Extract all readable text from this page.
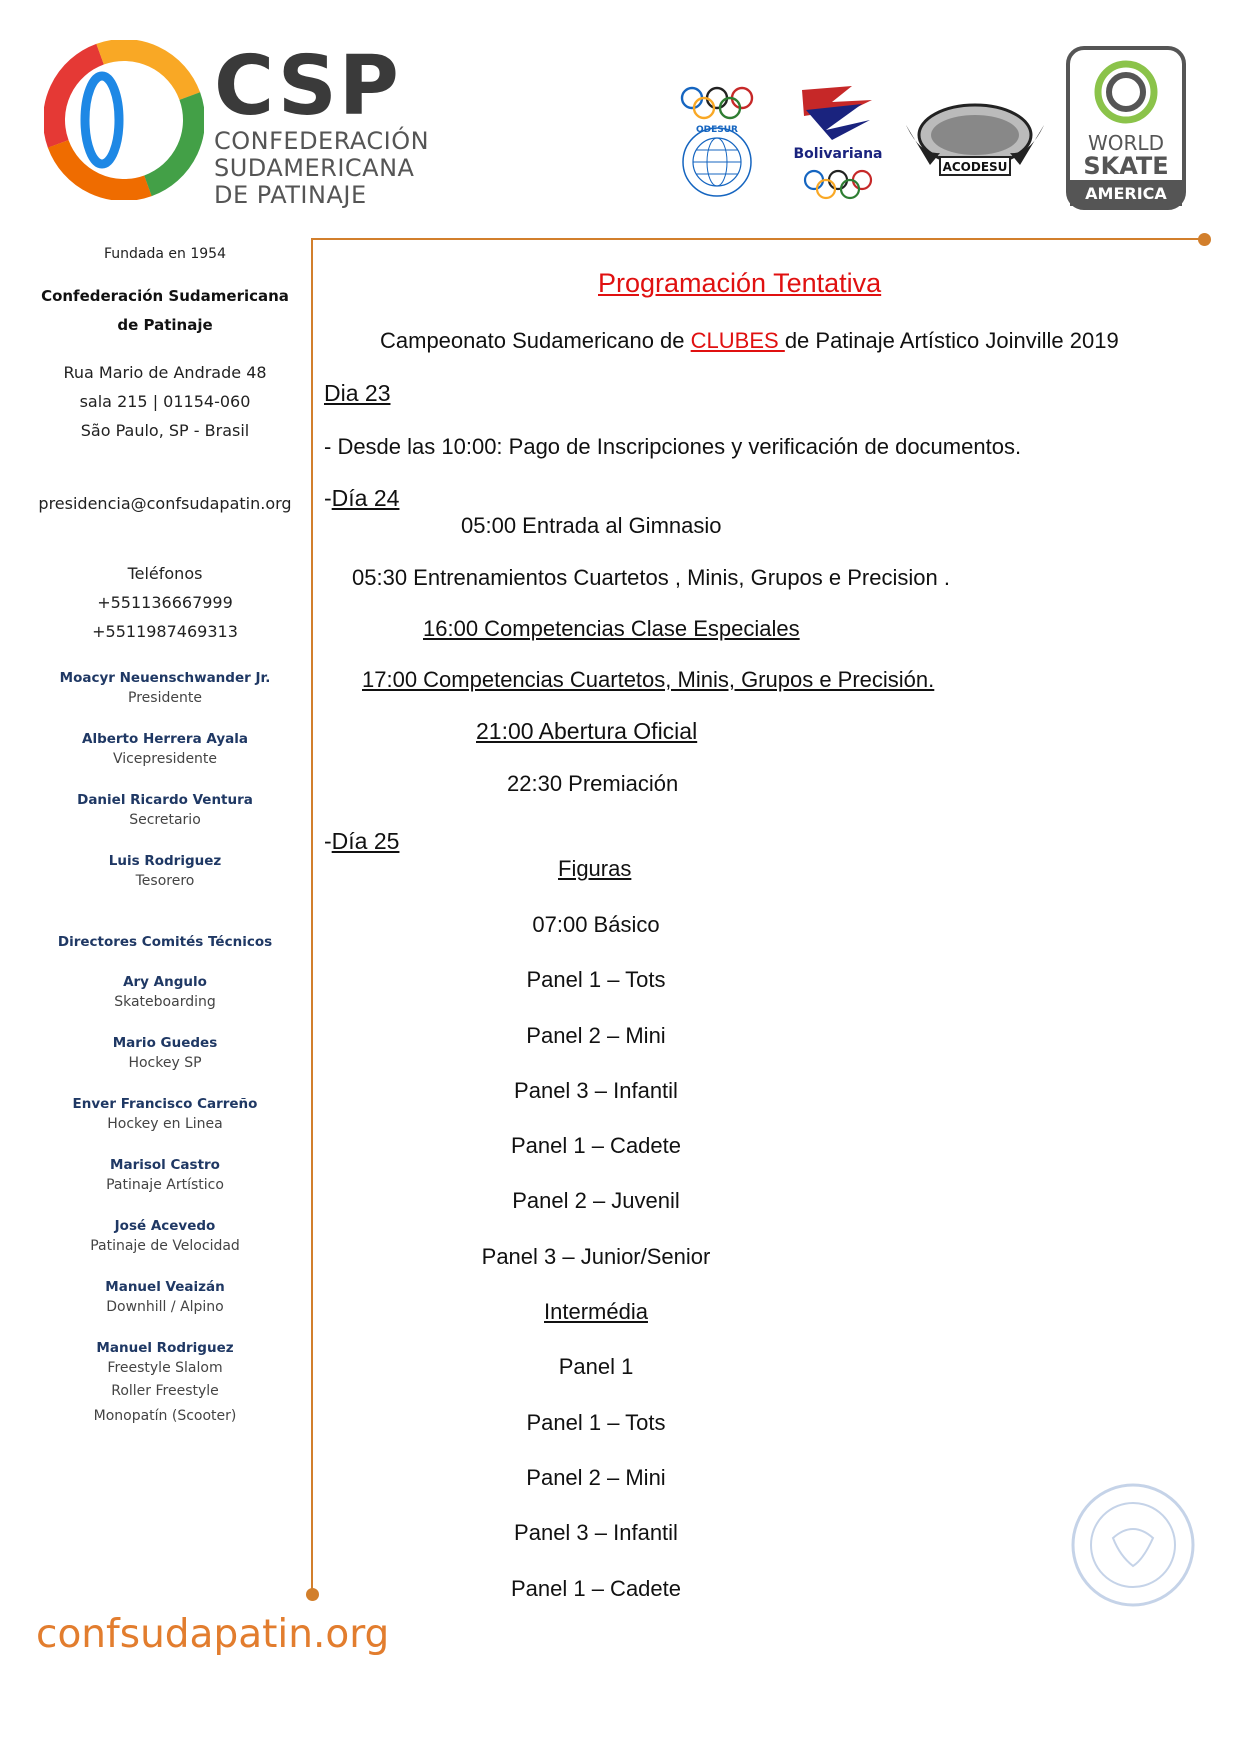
CSP
CONFEDERACIÓN
SUDAMERICANA
DE PATINAJE
ODESUR
Bolivariana
ACODESU
WORLD
SKATE
AMERICA
Fundada en 1954
Confederación Sudamericana
de Patinaje
Rua Mario de Andrade 48
sala 215 | 01154-060
São Paulo, SP - Brasil
presidencia@confsudapatin.org
Teléfonos
+551136667999
+5511987469313
Moacyr Neuenschwander Jr.
Presidente
Alberto Herrera Ayala
Vicepresidente
Daniel Ricardo Ventura
Secretario
Luis Rodriguez
Tesorero
Directores Comités Técnicos
Ary Angulo
Skateboarding
Mario Guedes
Hockey SP
Enver Francisco Carreño
Hockey en Linea
Marisol Castro
Patinaje Artístico
José Acevedo
Patinaje de Velocidad
Manuel Veaizán
Downhill / Alpino
Manuel Rodriguez
Freestyle Slalom
Roller Freestyle
Monopatín (Scooter)
Programación Tentativa
Campeonato Sudamericano de CLUBES de Patinaje Artístico Joinville 2019
Dia 23
- Desde las 10:00: Pago de Inscripciones y verificación de documentos.
-Día 24
05:00 Entrada al Gimnasio
05:30 Entrenamientos Cuartetos , Minis, Grupos e Precision .
16:00 Competencias Clase Especiales
17:00 Competencias Cuartetos, Minis, Grupos e Precisión.
21:00 Abertura Oficial
22:30 Premiación
-Día 25
Figuras
07:00 Básico
Panel 1 – Tots
Panel 2 – Mini
Panel 3 – Infantil
Panel 1 – Cadete
Panel 2 – Juvenil
Panel 3 – Junior/Senior
Intermédia
Panel 1
Panel 1 – Tots
Panel 2 – Mini
Panel 3 – Infantil
Panel 1 – Cadete
confsudapatin.org
